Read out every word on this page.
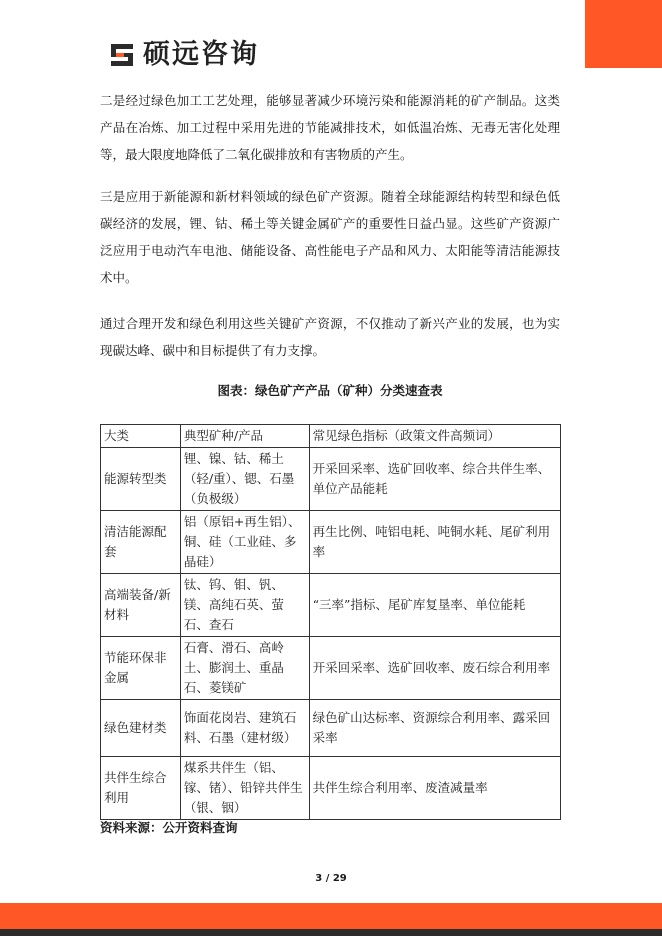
硕远咨询

二是经过绿色加工工艺处理，能够显著减少环境污染和能源消耗的矿产制品。这类产品在冶炼、加工过程中采用先进的节能减排技术，如低温冶炼、无毒无害化处理等，最大限度地降低了二氧化碳排放和有害物质的产生。

三是应用于新能源和新材料领域的绿色矿产资源。随着全球能源结构转型和绿色低碳经济的发展，锂、钴、稀土等关键金属矿产的重要性日益凸显。这些矿产资源广泛应用于电动汽车电池、储能设备、高性能电子产品和风力、太阳能等清洁能源技术中。

通过合理开发和绿色利用这些关键矿产资源，不仅推动了新兴产业的发展，也为实现碳达峰、碳中和目标提供了有力支撑。

图表：绿色矿产产品（矿种）分类速查表

大类	典型矿种/产品	常见绿色指标（政策文件高频词）

能源转型类	锂、镍、钴、稀土（轻/重）、锶、石墨（负极级）	开采回采率、选矿回收率、综合共伴生率、单位产品能耗

清洁能源配套	铝（原铝+再生铝）、铜、硅（工业硅、多晶硅）	再生比例、吨铝电耗、吨铜水耗、尾矿利用率

高端装备/新材料	钛、钨、钼、钒、镁、高纯石英、萤石、查石	“三率”指标、尾矿库复垦率、单位能耗

节能环保非金属	石膏、滑石、高岭土、膨润土、重晶石、菱镁矿	开采回采率、选矿回收率、废石综合利用率

绿色建材类	饰面花岗岩、建筑石料、石墨（建材级）	绿色矿山达标率、资源综合利用率、露采回采率

共伴生综合利用	煤系共伴生（铝、镓、锗）、铅锌共伴生（银、铟）	共伴生综合利用率、废渣减量率

资料来源：公开资料查询

3 / 29
